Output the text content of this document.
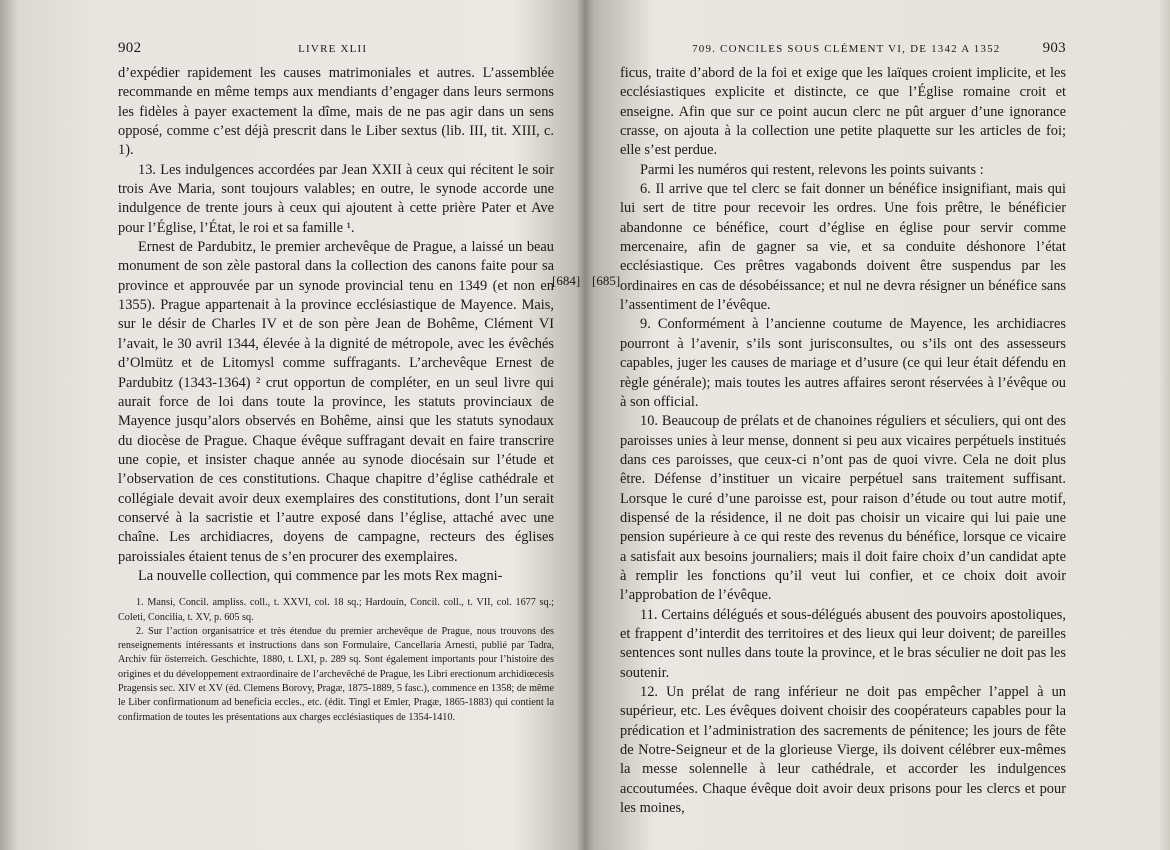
902	LIVRE XLII

d’expédier rapidement les causes matrimoniales et autres. L’assemblée recommande en même temps aux mendiants d’engager dans leurs sermons les fidèles à payer exactement la dîme, mais de ne pas agir dans un sens opposé, comme c’est déjà prescrit dans le Liber sextus (lib. III, tit. XIII, c. 1).

13. Les indulgences accordées par Jean XXII à ceux qui récitent le soir trois Ave Maria, sont toujours valables; en outre, le synode accorde une indulgence de trente jours à ceux qui ajoutent à cette prière Pater et Ave pour l’Église, l’État, le roi et sa famille ¹.

Ernest de Pardubitz, le premier archevêque de Prague, a laissé un beau monument de son zèle pastoral dans la collection des canons faite pour sa province et approuvée par un synode provincial tenu en 1349 (et non en 1355). Prague appartenait à la province ecclésiastique de Mayence. Mais, sur le désir de Charles IV et de son père Jean de Bohême, Clément VI l’avait, le 30 avril 1344, élevée à la dignité de métropole, avec les évêchés d’Olmütz et de Litomysl comme suffragants. L’archevêque Ernest de Pardubitz (1343-1364) ² crut opportun de compléter, en un seul livre qui aurait force de loi dans toute la province, les statuts provinciaux de Mayence jusqu’alors observés en Bohême, ainsi que les statuts synodaux du diocèse de Prague. Chaque évêque suffragant devait en faire transcrire une copie, et insister chaque année au synode diocésain sur l’étude et l’observation de ces constitutions. Chaque chapitre d’église cathédrale et collégiale devait avoir deux exemplaires des constitutions, dont l’un serait conservé à la sacristie et l’autre exposé dans l’église, attaché avec une chaîne. Les archidiacres, doyens de campagne, recteurs des églises paroissiales étaient tenus de s’en procurer des exemplaires.

La nouvelle collection, qui commence par les mots Rex magni-

1. Mansi, Concil. ampliss. coll., t. XXVI, col. 18 sq.; Hardouin, Concil. coll., t. VII, col. 1677 sq.; Coleti, Concilia, t. XV, p. 605 sq.

2. Sur l’action organisatrice et très étendue du premier archevêque de Prague, nous trouvons des renseignements intéressants et instructions dans son Formulaire, Cancellaria Arnesti, publié par Tadra, Archiv für österreich. Geschichte, 1880, t. LXI, p. 289 sq. Sont également importants pour l’histoire des origines et du développement extraordinaire de l’archevêché de Prague, les Libri erectionum archidiœcesis Pragensis sec. XIV et XV (éd. Clemens Borovy, Pragæ, 1875-1889, 5 fasc.), commence en 1358; de même le Liber confirmationum ad beneficia eccles., etc. (édit. Tingl et Emler, Pragæ, 1865-1883) qui contient la confirmation de toutes les présentations aux charges ecclésiastiques de 1354-1410.

[684] [685]
709. CONCILES SOUS CLÉMENT VI, DE 1342 A 1352	903

ficus, traite d’abord de la foi et exige que les laïques croient implicite, et les ecclésiastiques explicite et distincte, ce que l’Église romaine croit et enseigne. Afin que sur ce point aucun clerc ne pût arguer d’une ignorance crasse, on ajouta à la collection une petite plaquette sur les articles de foi; elle s’est perdue.

Parmi les numéros qui restent, relevons les points suivants :

6. Il arrive que tel clerc se fait donner un bénéfice insignifiant, mais qui lui sert de titre pour recevoir les ordres. Une fois prêtre, le bénéficier abandonne ce bénéfice, court d’église en église pour servir comme mercenaire, afin de gagner sa vie, et sa conduite déshonore l’état ecclésiastique. Ces prêtres vagabonds doivent être suspendus par les ordinaires en cas de désobéissance; et nul ne devra résigner un bénéfice sans l’assentiment de l’évêque.

9. Conformément à l’ancienne coutume de Mayence, les archidiacres pourront à l’avenir, s’ils sont jurisconsultes, ou s’ils ont des assesseurs capables, juger les causes de mariage et d’usure (ce qui leur était défendu en règle générale); mais toutes les autres affaires seront réservées à l’évêque ou à son official.

10. Beaucoup de prélats et de chanoines réguliers et séculiers, qui ont des paroisses unies à leur mense, donnent si peu aux vicaires perpétuels institués dans ces paroisses, que ceux-ci n’ont pas de quoi vivre. Cela ne doit plus être. Défense d’instituer un vicaire perpétuel sans traitement suffisant. Lorsque le curé d’une paroisse est, pour raison d’étude ou tout autre motif, dispensé de la résidence, il ne doit pas choisir un vicaire qui lui paie une pension supérieure à ce qui reste des revenus du bénéfice, lorsque ce vicaire a satisfait aux besoins journaliers; mais il doit faire choix d’un candidat apte à remplir les fonctions qu’il veut lui confier, et ce choix doit avoir l’approbation de l’évêque.

11. Certains délégués et sous-délégués abusent des pouvoirs apostoliques, et frappent d’interdit des territoires et des lieux qui leur doivent; de pareilles sentences sont nulles dans toute la province, et le bras séculier ne doit pas les soutenir.

12. Un prélat de rang inférieur ne doit pas empêcher l’appel à un supérieur, etc. Les évêques doivent choisir des coopérateurs capables pour la prédication et l’administration des sacrements de pénitence; les jours de fête de Notre-Seigneur et de la glorieuse Vierge, ils doivent célébrer eux-mêmes la messe solennelle à leur cathédrale, et accorder les indulgences accoutumées. Chaque évêque doit avoir deux prisons pour les clercs et pour les moines,
